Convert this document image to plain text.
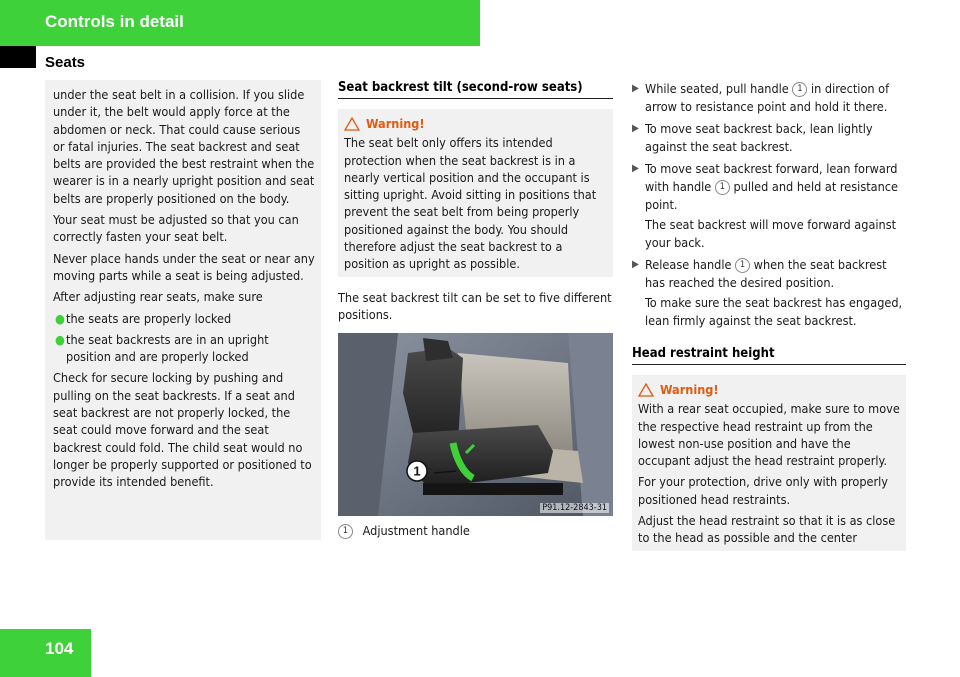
Controls in detail
Seats

under the seat belt in a collision. If you slide under it, the belt would apply force at the abdomen or neck. That could cause serious or fatal injuries. The seat backrest and seat belts are provided the best restraint when the wearer is in a nearly upright position and seat belts are properly positioned on the body.

Your seat must be adjusted so that you can correctly fasten your seat belt.

Never place hands under the seat or near any moving parts while a seat is being adjusted.

After adjusting rear seats, make sure

● the seats are properly locked
● the seat backrests are in an upright position and are properly locked

Check for secure locking by pushing and pulling on the seat backrests. If a seat and seat backrest are not properly locked, the seat could move forward and the seat backrest could fold. The child seat would no longer be properly supported or positioned to provide its intended benefit.

Seat backrest tilt (second-row seats)
Warning!
The seat belt only offers its intended protection when the seat backrest is in a nearly vertical position and the occupant is sitting upright. Avoid sitting in positions that prevent the seat belt from being properly positioned against the body. You should therefore adjust the seat backrest to a position as upright as possible.
The seat backrest tilt can be set to five different positions.
1
P91.12-2843-31
1 Adjustment handle
▶ While seated, pull handle 1 in direction of arrow to resistance point and hold it there.
▶ To move seat backrest back, lean lightly against the seat backrest.
▶ To move seat backrest forward, lean forward with handle 1 pulled and held at resistance point.
The seat backrest will move forward against your back.
▶ Release handle 1 when the seat backrest has reached the desired position.
To make sure the seat backrest has engaged, lean firmly against the seat backrest.
Head restraint height
Warning!
With a rear seat occupied, make sure to move the respective head restraint up from the lowest non-use position and have the occupant adjust the head restraint properly.
For your protection, drive only with properly positioned head restraints.
Adjust the head restraint so that it is as close to the head as possible and the center
104
